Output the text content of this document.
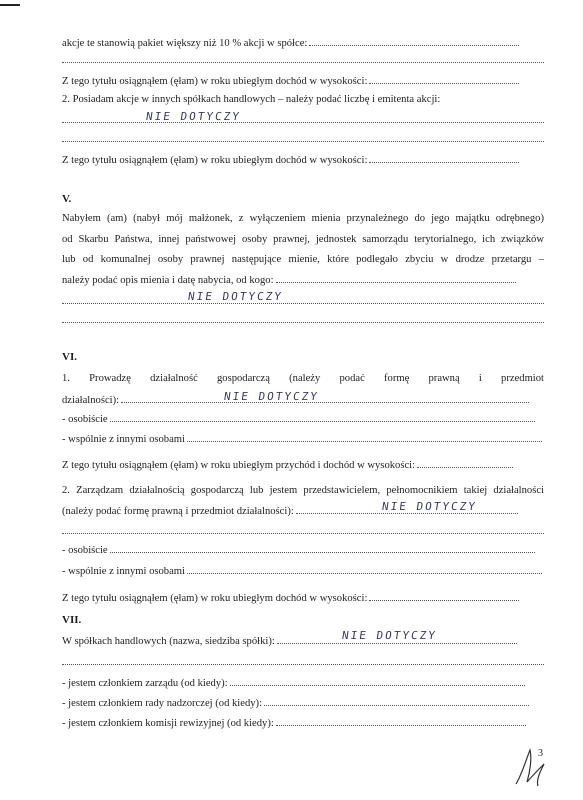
akcje te stanowią pakiet większy niż 10 % akcji w spółce:
Z tego tytułu osiągnąłem (ęłam) w roku ubiegłym dochód w wysokości:
2. Posiadam akcje w innych spółkach handlowych – należy podać liczbę i emitenta akcji:
NIE DOTYCZY
Z tego tytułu osiągnąłem (ęłam) w roku ubiegłym dochód w wysokości:
V.
Nabyłem (am) (nabył mój małżonek, z wyłączeniem mienia przynależnego do jego majątku odrębnego)
od Skarbu Państwa, innej państwowej osoby prawnej, jednostek samorządu terytorialnego, ich związków
lub od komunalnej osoby prawnej następujące mienie, które podlegało zbyciu w drodze przetargu –
należy podać opis mienia i datę nabycia, od kogo:
NIE DOTYCZY
VI.
1. Prowadzę działalność gospodarczą (należy podać formę prawną i przedmiot
działalności):	NIE DOTYCZY
- osobiście
- wspólnie z innymi osobami
Z tego tytułu osiągnąłem (ęłam) w roku ubiegłym przychód i dochód w wysokości:
2. Zarządzam działalnością gospodarczą lub jestem przedstawicielem, pełnomocnikiem takiej działalności
(należy podać formę prawną i przedmiot działalności):	NIE DOTYCZY
- osobiście
- wspólnie z innymi osobami
Z tego tytułu osiągnąłem (ęłam) w roku ubiegłym dochód w wysokości:
VII.
W spółkach handlowych (nazwa, siedziba spółki):	NIE DOTYCZY
- jestem członkiem zarządu (od kiedy):
- jestem członkiem rady nadzorczej (od kiedy):
- jestem członkiem komisji rewizyjnej (od kiedy):
3
